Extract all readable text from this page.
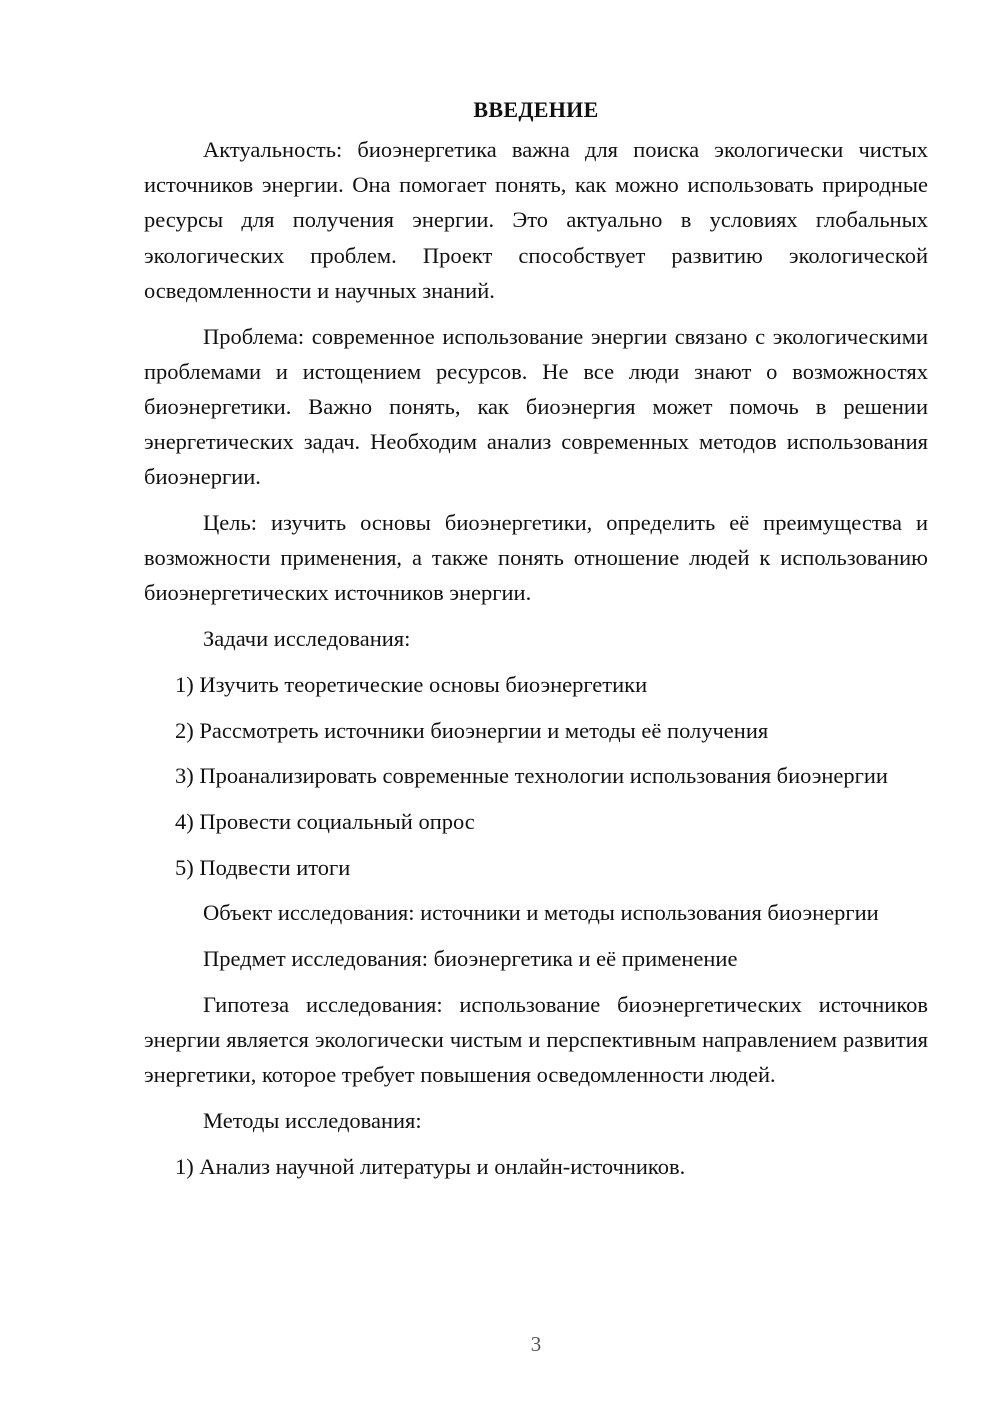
ВВЕДЕНИЕ

Актуальность: биоэнергетика важна для поиска экологически чистых источников энергии. Она помогает понять, как можно использовать природные ресурсы для получения энергии. Это актуально в условиях глобальных экологических проблем. Проект способствует развитию экологической осведомленности и научных знаний.

Проблема: современное использование энергии связано с экологическими проблемами и истощением ресурсов. Не все люди знают о возможностях биоэнергетики. Важно понять, как биоэнергия может помочь в решении энергетических задач. Необходим анализ современных методов использования биоэнергии.

Цель: изучить основы биоэнергетики, определить её преимущества и возможности применения, а также понять отношение людей к использованию биоэнергетических источников энергии.

Задачи исследования:

1) Изучить теоретические основы биоэнергетики

2) Рассмотреть источники биоэнергии и методы её получения

3) Проанализировать современные технологии использования биоэнергии

4) Провести социальный опрос

5) Подвести итоги

Объект исследования: источники и методы использования биоэнергии

Предмет исследования: биоэнергетика и её применение

Гипотеза исследования: использование биоэнергетических источников энергии является экологически чистым и перспективным направлением развития энергетики, которое требует повышения осведомленности людей.

Методы исследования:

1) Анализ научной литературы и онлайн-источников.

3
